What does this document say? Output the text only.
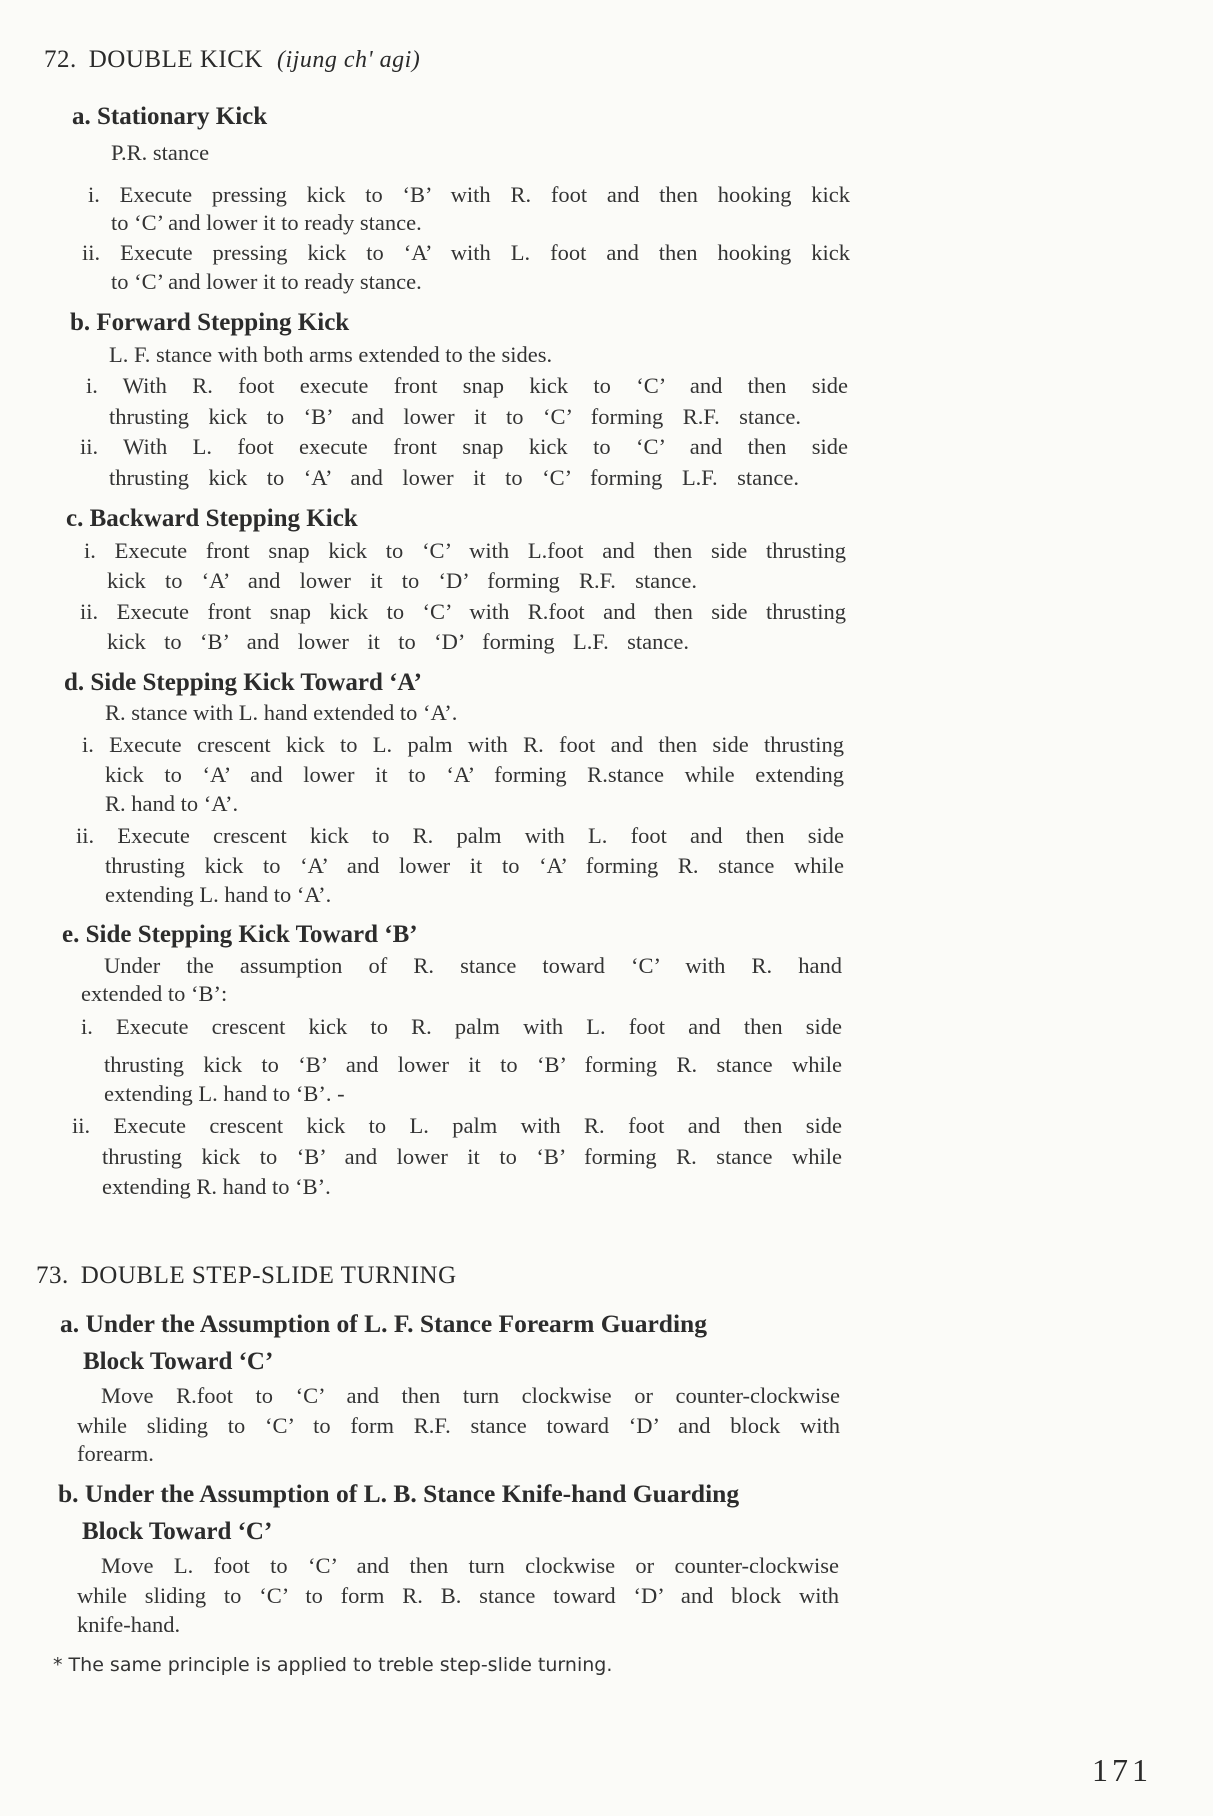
72. DOUBLE KICK (ijung ch' agi)
a. Stationary Kick
P.R. stance
i. Execute pressing kick to ‘B’ with R. foot and then hooking kick
to ‘C’ and lower it to ready stance.
ii. Execute pressing kick to ‘A’ with L. foot and then hooking kick
to ‘C’ and lower it to ready stance.
b. Forward Stepping Kick
L. F. stance with both arms extended to the sides.
i. With R. foot execute front snap kick to ‘C’ and then side
thrusting kick to ‘B’ and lower it to ‘C’ forming R.F. stance.
ii. With L. foot execute front snap kick to ‘C’ and then side
thrusting kick to ‘A’ and lower it to ‘C’ forming L.F. stance.
c. Backward Stepping Kick
i. Execute front snap kick to ‘C’ with L.foot and then side thrusting
kick to ‘A’ and lower it to ‘D’ forming R.F. stance.
ii. Execute front snap kick to ‘C’ with R.foot and then side thrusting
kick to ‘B’ and lower it to ‘D’ forming L.F. stance.
d. Side Stepping Kick Toward ‘A’
R. stance with L. hand extended to ‘A’.
i. Execute crescent kick to L. palm with R. foot and then side thrusting
kick to ‘A’ and lower it to ‘A’ forming R.stance while extending
R. hand to ‘A’.
ii. Execute crescent kick to R. palm with L. foot and then side
thrusting kick to ‘A’ and lower it to ‘A’ forming R. stance while
extending L. hand to ‘A’.
e. Side Stepping Kick Toward ‘B’
Under the assumption of R. stance toward ‘C’ with R. hand
extended to ‘B’:
i. Execute crescent kick to R. palm with L. foot and then side
thrusting kick to ‘B’ and lower it to ‘B’ forming R. stance while
extending L. hand to ‘B’. -
ii. Execute crescent kick to L. palm with R. foot and then side
thrusting kick to ‘B’ and lower it to ‘B’ forming R. stance while
extending R. hand to ‘B’.
73. DOUBLE STEP-SLIDE TURNING
a. Under the Assumption of L. F. Stance Forearm Guarding
Block Toward ‘C’
Move R.foot to ‘C’ and then turn clockwise or counter-clockwise
while sliding to ‘C’ to form R.F. stance toward ‘D’ and block with
forearm.
b. Under the Assumption of L. B. Stance Knife-hand Guarding
Block Toward ‘C’
Move L. foot to ‘C’ and then turn clockwise or counter-clockwise
while sliding to ‘C’ to form R. B. stance toward ‘D’ and block with
knife-hand.
* The same principle is applied to treble step-slide turning.
171
